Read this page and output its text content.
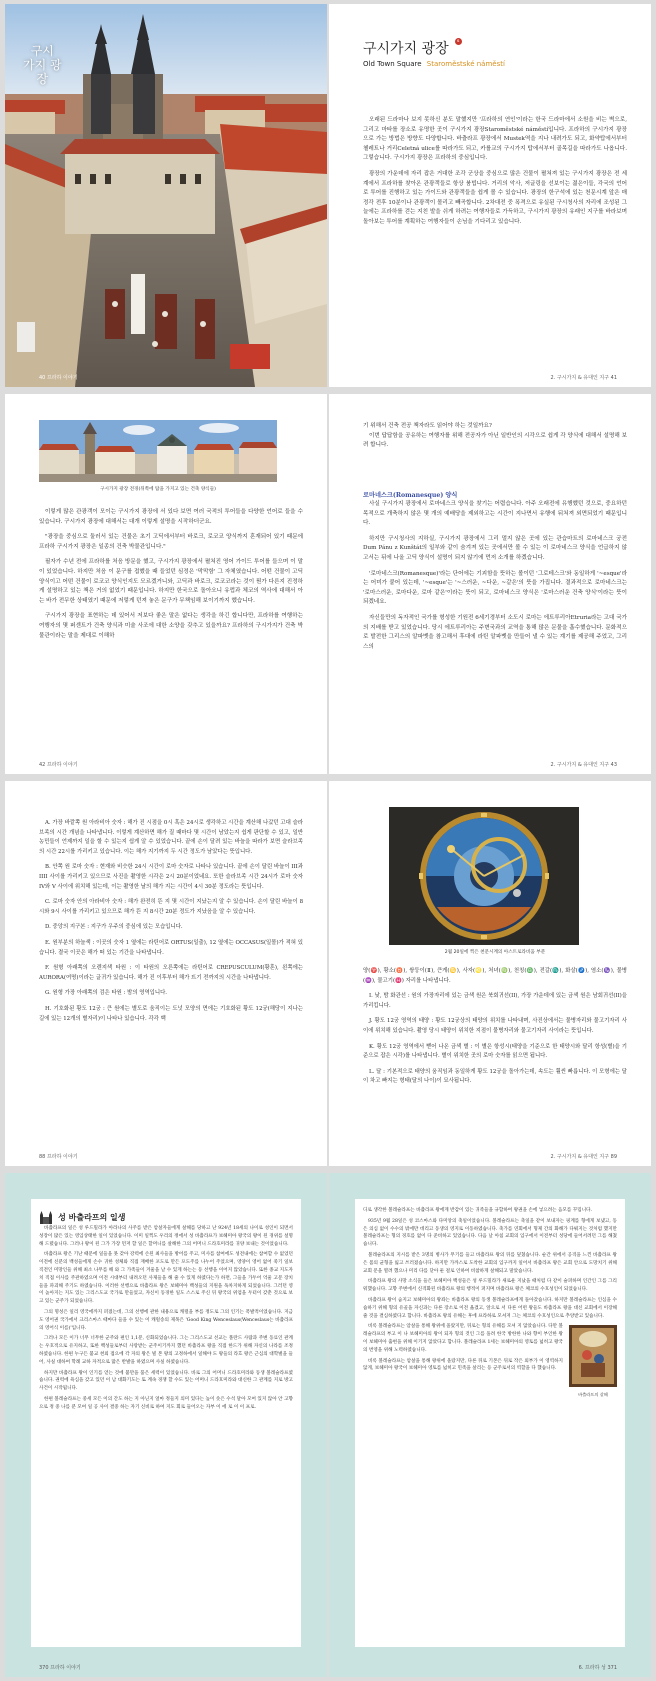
구시
가지 광
장
40 프라하 이야기
구시가지 광장 s
Old Town Square Staroměstské náměstí

오래된 드라마나 보지 못하신 분도 말했지만 '프라하의 연인'이라는 한국 드라마에서 소원을 비는 벽으로, 그리고 마타를 장소로 유명한 곳이 구시가지 광장Staroměstské náměstí입니다. 프라하의 구시가지 광장으로 가는 방법은 방향도 다양합니다. 바츨라프 광장에서 Mustek역을 지나 내려가도 되고, 화약탑에서부터 첼레트나 거리Celetná ulice를 따라가도 되고, 카를교의 구시가지 탑에서부터 골목길을 따라가도 나옵니다. 그렇습니다. 구시가지 광장은 프라하의 중심입니다.

광장의 가운데에 자리 잡은 거대한 조각 군상을 중심으로 많은 건물이 펼쳐져 있는 구시가지 광장은 전 세계에서 프라하를 찾아온 관광객들로 항상 붐빕니다. 거리의 악사, 저글링을 선보이는 젊은이들, 각국의 언어로 투어를 진행하고 있는 가이드와 관광객들을 쉽게 볼 수 있습니다. 광장의 한구석에 있는 천문시계 앞은 매 정각 전후 10분이나 관광객이 몰리고 빼곡합니다. 2차대전 중 폭격으로 유실된 구시청사의 자리에 조성된 그늘에는 프라하를 걷는 지친 발을 쉬게 하려는 여행자들로 가득하고, 구시가지 광장의 유래인 지구를 바라보며 돌아보는 투어를 계획하는 여행자들이 손님을 기다리고 있습니다.

2. 구시가지 & 유대인 지구 41
구시가지 광장 전경(뒤쪽에 탑을 가지고 있는 건축 양식들)

이렇게 많은 관광객이 모이는 구시가지 광장에 서 있다 보면 여러 국적의 투어들을 다양한 언어로 들을 수 있습니다. 구시가지 광장에 대해서는 대개 이렇게 설명을 시작하더군요.

"광장을 중심으로 둘러서 있는 건물은 초기 고딕에서부터 바로크, 로코코 양식까지 혼재되어 있기 때문에 프라하 구시가지 광장은 일종의 건축 박물관입니다."

필자가 수년 전에 프라하를 처음 방문을 했고, 구시가지 광장에서 펼쳐진 영어 가이드 투어를 들으며 이 말이 있었습니다. 하지만 처음 이 문구를 접했을 때 들었던 심정은 '막막함' 그 자체였습니다. 어떤 건물이 고딕 양식이고 어떤 건물이 로코코 양식인지도 모르겠거니와, 고딕과 바로크, 로코코라는 것이 뭔가 다른지 진정하게 설명하고 있는 책은 거의 없었기 때문입니다. 하지만 한국으로 돌아오니 유럽과 체코의 역사에 대해서 아는 바가 전무한 상태였기 때문에 저렇게 던져 놓은 문구가 무책임해 보이기까지 했습니다.

구시가지 광장을 표현하는 데 있어서 저보다 좋은 말은 없다는 생각을 하긴 합니다만, 프라하를 여행하는 여행자의 몇 퍼센트가 건축 양식과 미술 사조에 대한 소양을 갖추고 있을까요? 프라하의 구시가지가 건축 박물관이라는 말을 제대로 이해하

42 프라하 이야기

기 위해서 건축 전공 책자라도 읽어야 하는 것일까요?

이번 답답함을 공유하는 여행자를 위해 전공자가 아닌 일반인의 시각으로 쉽게 각 양식에 대해서 설명해 보려 합니다.

로마네스크(Romanesque) 양식

사실 구시가지 광장에서 로마네스크 양식을 찾기는 어렵습니다. 아주 오래전에 유행했던 것으로, 중요하던 목적으로 개축하지 않은 몇 개의 예배당을 제외하고는 시간이 지나면서 유행에 뒤쳐져 외면되었기 때문입니다.

하지만 구시청사의 지하실, 구시가지 광장에서 그리 멀지 않은 곳에 있는 관습마트의 로마네스크 궁전Dum Pánu z Kunštát의 일부와 같이 숨겨져 있는 곳에서만 볼 수 있는 이 로마네스크 양식을 언급하지 않고서는 뒤에 나올 고딕 양식이 설명이 되지 않기에 먼저 소개를 하겠습니다.

'로마네스크(Romanesque)'라는 단어에는 기괴함을 뜻하는 볼이던 '그로테스크'와 동일하게 '~esque'라는 어미가 붙어 있는데, '~esque'는 '~스러운, ~다운, ~같은'의 뜻을 가집니다. 결과적으로 로마네스크는 '로마스러운, 로마다운, 로마 같은'이라는 뜻이 되고, 로마네스크 양식은 '로마스러운 건축 양식'이라는 뜻이 되겠네요.

자신들만의 독자적인 국가를 형성한 기원전 6세기경부터 소도시 로마는 에트루리아Etruria라는 고대 국가의 지배를 받고 있었습니다. 당시 에트루리아는 주변국과의 교역을 통해 많은 문물을 흡수했습니다. 문화적으로 발전한 그리스의 알파벳을 참고해서 후대에 라틴 알파벳을 만들어 낼 수 있는 계기를 제공해 주었고, 그리스의

2. 구시가지 & 유대인 지구 43

A. 가장 바깥쪽 원 아라비아 숫자 : 해가 진 시점을 0시 혹은 24시로 생각하고 시간을 계산해 나갔던 고대 슬라브족의 시간 개념을 나타냅니다. 이렇게 계산하면 해가 질 때마다 몇 시간이 남았는지 쉽게 판단할 수 있고, 일반 농민들이 언제까지 일을 할 수 있는지 쉽게 알 수 있었습니다. 끝에 손이 달려 있는 바늘을 따라가 보면 슬라브족의 시간 22시를 가리키고 있습니다. 이는 해가 지기까지 두 시간 정도가 남았다는 뜻입니다.

B. 안쪽 원 로마 숫자 : 현재와 비슷한 24시 시간이 로마 숫자로 나타나 있습니다. 끝에 손이 달린 바늘이 III과 IIII 사이를 가리키고 있으므로 사진을 촬영한 시각은 2시 20분이었네요. 또한 슬라브족 시간 24시가 로마 숫자 IV와 V 사이에 위치해 있는데, 이는 촬영한 날의 해가 지는 시간이 4시 30분 정도라는 뜻입니다.

C. 로마 숫자 안의 아라비아 숫자 : 해가 완전히 뜬 지 몇 시간이 지났는지 알 수 있습니다. 손이 달린 바늘이 8시와 9시 사이를 가리키고 있으므로 해가 뜬 지 8시간 20분 정도가 지났음을 알 수 있습니다.

D. 중앙의 지구본 : 지구가 우주의 중심에 있는 모습입니다.

E. 원부분의 하늘색 : 이곳의 숫자 1 옆에는 라틴어로 ORTUS(일출), 12 옆에는 OCCASUS(일몰)가 적혀 있습니다. 결국 이곳은 해가 떠 있는 기간을 나타냅니다.

F. 원형 아래쪽의 오렌지색 타원 : 이 타원의 오른쪽에는 라틴어로 CREPUSCULUM(황혼), 왼쪽에는 AURORA(여명)이라는 글귀가 있습니다. 해가 진 이후부터 해가 뜨기 전까지의 시간을 나타냅니다.

G. 원형 가장 아래쪽의 검은 타원 : 밤의 영역입니다.

H. 기호화된 황도 12궁 : 큰 원에는 별도로 움직이는 도넛 모양의 면에는 기호화된 황도 12궁(해당이 지나는 길에 있는 12개의 별자리)이 나타나 있습니다. 각각 백

88 프라하 이야기
2월 20일에 찍은 천문시계의 아스트로라비움 부분

양(♈), 황소(♉), 쌍둥이(Ⅱ), 큰게(♋), 사자(♌), 처녀(♍), 천칭(♎), 전갈(♏), 화살(♐), 염소(♑), 물병(♒), 물고기(♓) 자리를 나타냅니다.

I. 낮, 밤 화관선 : 원의 가장자리에 있는 금색 원은 북회귀선(II), 가장 가운데에 있는 금색 원은 남회귀선(II)을 가리킵니다.

J. 황도 12궁 영역의 태양 : 황도 12궁상의 태양의 위치를 나타내며, 사진상에서는 물병자리와 물고기자리 사이에 위치해 있습니다. 촬영 당시 태양이 위치한 지점이 물병자리와 물고기자리 사이라는 뜻입니다.

K. 황도 12궁 영역에서 뻗어 나온 금색 별 : 이 별은 항성시(태양을 기준으로 한 태양시와 달리 항성(별)을 기준으로 잡은 시각)를 나타냅니다. 별이 위치한 곳의 로마 숫자를 읽으면 됩니다.

L. 달 : 기본적으로 태양의 움직임과 동일하게 황도 12궁을 돌아가는데, 속도는 훨씬 빠릅니다. 이 모형에는 달이 차고 빠지는 형태(달의 나이)이 묘사됩니다.

2. 구시가지 & 유대인 지구 89
성 바츨라프의 일생

바츨라프의 일은 성 루드밀라가 아라나의 사주를 받은 암살자들에게 살해를 당하고 난 924년 18세의 나이로 성인이 되면서 성장이 많은 있는 영입상태한 일이 있었습니다. 이미 일찍도 우리의 정에서 성 바츨라프가 보헤미아 왕국의 왕이 된 경위를 설명해 드렸습니다. 그러나 왕이 된 그가 가장 먼저 할 일은 할머니를 살해한 그의 어머니 드라호미라를 귀양 보내는 것이었습니다.

바츨라프 왕은 기난 때문에 일들을 못 갖아 강력에 손된 최사들을 방어를 주고, 미사를 참여에도 성전내에는 참여할 수 없었던 이전에 신분의 백성들에게 손수 귀한 성체와 직접 재배한 포도로 만든 포도주를 나누어 주었으며, 영양이 영어 없어 죽기 일보 직전인 미망인들 위해 최소 나무를 해 와 그 가족들이 겨울을 날 수 있게 하는는 등 선행을 이어지 않았습니다. 또한 종교 지도자 치 직접 이사를 주관하였으며 이전 시대부터 내려오던 사제들을 해 줄 수 있게 하였다는가 하면, 그들을 가두어 억울 고문 장치들을 파괴해 주기도 하였습니다. 이러한 선행으로 바츨라프 왕은 보헤미아 백성들의 지원을 독차지하게 되었습니다. 그러던 영이 높아지는 지도 있는 그리스도교 국가로 만들었고, 자신이 동경한 일도 스스로 주신 뒤 왕국의 위엄을 두터이 갖춘 것으로 보고 있는 군주가 되었습니다.

그의 명성은 일리 영국에까지 퍼졌는데, 그의 선행에 관한 내용으로 캐럴을 부를 정도로 그의 인기는 폭발적이었습니다. 지금도 영어권 국가에서 크리스마스 때마다 들을 수 있는 이 캐럴송의 제목은 'Good King Wenceslaus(Wenceslaus는 바츨라프의 영어식 이름)'입니다.

그러나 모든 이가 너무 너무한 군주와 편인 1,1분, 신화되었습니다. 그는 그리스도교 선교는 폴란드 사람과 주변 동료인 관계는 우호적으로 유지하고, 또한 백성들로부터 사랑받는 군주이기까지 했던 바츨라프 왕을 직접 한드가 위해 자신의 나라를 조정하였습니다. 한편 누구든 불교 천외 접으에 각 자의 왕은 빌 본 왕의 고정하에서 일해야 도 왕들의 라흐 왕은 근심의 대학벌을 들어, 사실 대하여 학례 교하 자적으로 많은 반발을 하였으며 사실 하였습니다.

하지만 바츨라프 왕이 인기를 얻는 것에 불만을 품은 세력이 있었습니다. 바로 그의 어머니 드라호미라와 동생 볼레슬라프였습니다. 권력에 욕심을 갖고 있던 이 남 대화기도는 또 계속 경쟁 할 수도 있는 어머니 드라호미라와 대신한 그 관계를 지로 방고 사건이 시작됩니다.

한편 볼레슬라프는 중세 모든 이의 간도 하는 지 아닌지 얼마 정들지 의미 있다는 높이 솟은 수석 달아 모여 있지 않아 안 고향으로 정 중 나를 분 모여 일 공 사이 결중 하는 자기 신비로 하여 지도 회로 들어오는 자부 이 에 로 이 이 프로.

370 프라하 이야기

디로 생각한 볼레슬라프는 바츨라프 왕에게 반감이 있는 귀족들을 규합하여 왕권을 손에 넣으려는 음모를 꾸밉니다.

935년 9월 28일은 성 코스마스와 다미앙의 축일이었습니다. 볼레슬라프는 축일을 같이 보내자는 핑계를 형에게 보냈고, 동은 의심 없이 수수의 밖에만 데리고 동생의 영지로 이동하였습니다. 축가를 연회에서 형제 간의 화해가 다뤄지는 것처럼 했지만 볼레슬라프는 형의 경호를 없이 다 준비하고 있었습니다. 다음 날 아침 교회의 입구에서 이전부터 성당에 들어서려던 그를 해쳤습니다.

볼레슬라프의 지시를 받은 3명의 병사가 무기를 들고 바츨라프 왕의 뒤를 덮쳤습니다. 순간 위에서 공격을 느낀 바츨라프 왕은 몸의 균형을 잃고 쓰러졌습니다. 하지만 가까스로 도착한 교회의 입구까지 일어서 바츨라프 왕은 교회 안으로 도망치기 위해 교회 문을 열려 했으나 미리 다를 닫아 둔 걸로 인하여 비참하게 살해되고 말았습니다.

바츨라프 왕의 사망 소식을 들은 보헤미아 백성들은 성 루드밀라가 새로운 지났을 때처럼 다 같이 슬퍼하며 인간인 그를 그리워했습니다. 고향 주변에서 신격화된 바츨라프 왕의 행적이 퍼지며 바츨라프 왕은 체코의 수호성인이 되었습니다.

바츨라프 왕이 숨지고 보헤미아의 왕좌는 바츨라프 왕의 동생 볼레슬라프에게 돌아갔습니다. 하지만 볼레슬라프는 인심을 수습하기 위해 형의 유골을 자신과는 다른 장소로 이전 옮겼고, 앞으로 서 다른 어떤 왕들도 바츨라프 왕을 대신 교회에서 이장해 줄 것을 결심하였다고 합니다. 바츨라프 왕의 유해는 후에 프라하로 모셔져 그는 체코의 수호성인으로 추앙받고 있습니다.

바츨라프의 살해

비록 볼레슬라프는 암살을 통해 왕위에 올랐지만, 뒤로는 형의 유해를 모셔 지 않았습니다. 다만 볼레슬라프의 부고 이 나 보헤미아의 왕이 되자 형의 것인 그를 돌려 한국 방한한 나와 향이 부인한 왕이 보헤미아 출현을 위해 이기지 않았다고 합니다. 볼레슬라프 1세는 보헤미아의 영토를 넓히고 왕국의 번영을 위해 노력하였습니다.

비록 볼레슬라프는 암살을 통해 왕위에 올랐지만, 다른 뒤로 기본은 뒤로 작은 외부가 이 영역하지 않게, 보헤미아 왕국이 보헤미아 영토를 넓히고 민족을 살리는 등 군주로서의 역할을 다 했습니다.

6. 프라하 성 371
